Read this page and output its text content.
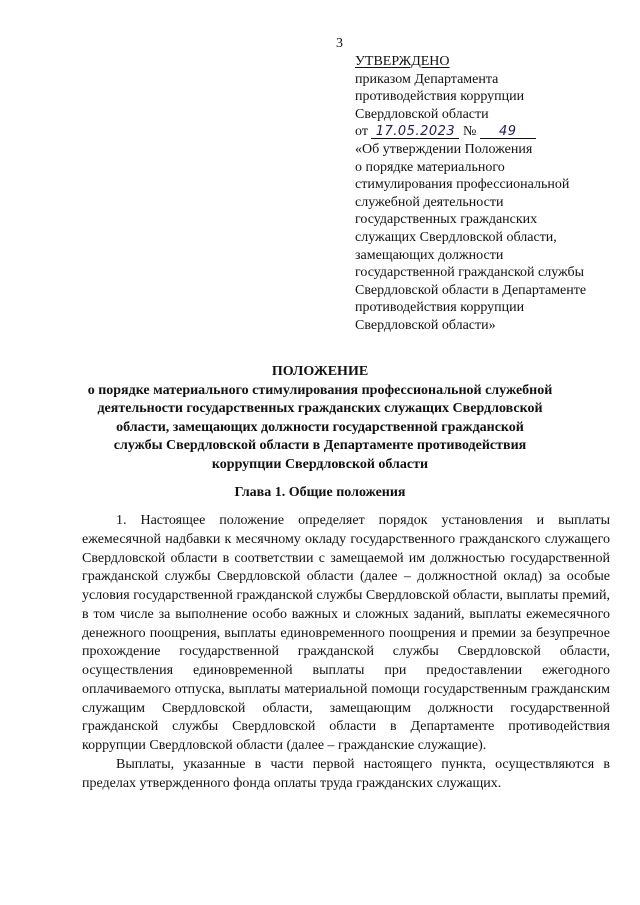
3
УТВЕРЖДЕНО
приказом Департамента
противодействия коррупции
Свердловской области
от 17.05.2023 № 49
«Об утверждении Положения
о порядке материального
стимулирования профессиональной
служебной деятельности
государственных гражданских
служащих Свердловской области,
замещающих должности
государственной гражданской службы
Свердловской области в Департаменте
противодействия коррупции
Свердловской области»
ПОЛОЖЕНИЕ
о порядке материального стимулирования профессиональной служебной
деятельности государственных гражданских служащих Свердловской
области, замещающих должности государственной гражданской
службы Свердловской области в Департаменте противодействия
коррупции Свердловской области
Глава 1. Общие положения

1. Настоящее положение определяет порядок установления и выплаты ежемесячной надбавки к месячному окладу государственного гражданского служащего Свердловской области в соответствии с замещаемой им должностью государственной гражданской службы Свердловской области (далее – должностной оклад) за особые условия государственной гражданской службы Свердловской области, выплаты премий, в том числе за выполнение особо важных и сложных заданий, выплаты ежемесячного денежного поощрения, выплаты единовременного поощрения и премии за безупречное прохождение государственной гражданской службы Свердловской области, осуществления единовременной выплаты при предоставлении ежегодного оплачиваемого отпуска, выплаты материальной помощи государственным гражданским служащим Свердловской области, замещающим должности государственной гражданской службы Свердловской области в Департаменте противодействия коррупции Свердловской области (далее – гражданские служащие).

Выплаты, указанные в части первой настоящего пункта, осуществляются в пределах утвержденного фонда оплаты труда гражданских служащих.
